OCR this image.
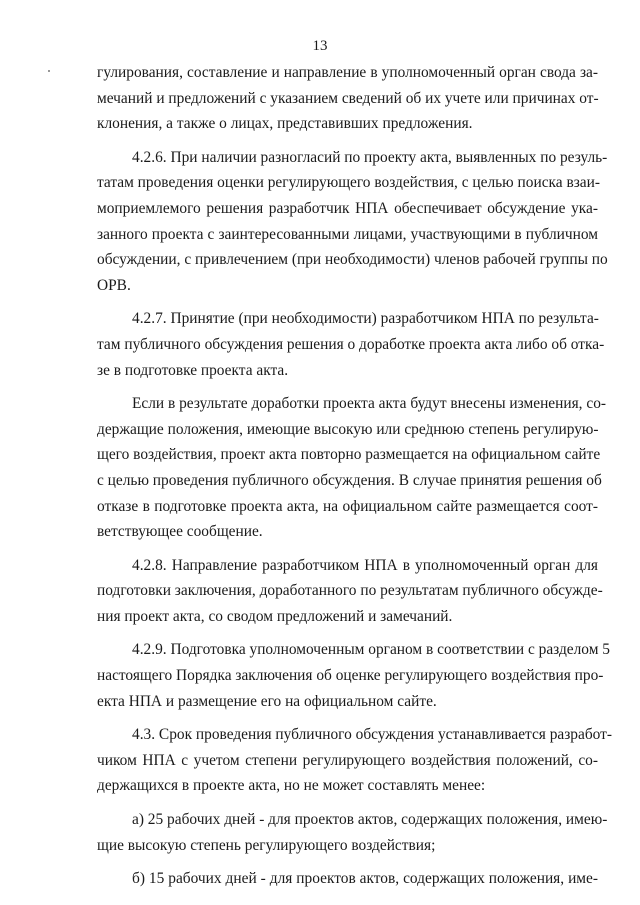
13

гулирования, составление и направление в уполномоченный орган свода за-
мечаний и предложений с указанием сведений об их учете или причинах от-
клонения, а также о лицах, представивших предложения.

4.2.6. При наличии разногласий по проекту акта, выявленных по резуль-
татам проведения оценки регулирующего воздействия, с целью поиска взаи-
моприемлемого решения разработчик НПА обеспечивает обсуждение ука-
занного проекта с заинтересованными лицами, участвующими в публичном
обсуждении, с привлечением (при необходимости) членов рабочей группы по
ОРВ.

4.2.7. Принятие (при необходимости) разработчиком НПА по результа-
там публичного обсуждения решения о доработке проекта акта либо об отка-
зе в подготовке проекта акта.

Если в результате доработки проекта акта будут внесены изменения, со-
держащие положения, имеющие высокую или среднюю степень регулирую-
щего воздействия, проект акта повторно размещается на официальном сайте
с целью проведения публичного обсуждения. В случае принятия решения об
отказе в подготовке проекта акта, на официальном сайте размещается соот-
ветствующее сообщение.

4.2.8. Направление разработчиком НПА в уполномоченный орган для
подготовки заключения, доработанного по результатам публичного обсужде-
ния проект акта, со сводом предложений и замечаний.

4.2.9. Подготовка уполномоченным органом в соответствии с разделом 5
настоящего Порядка заключения об оценке регулирующего воздействия про-
екта НПА и размещение его на официальном сайте.

4.3. Срок проведения публичного обсуждения устанавливается разработ-
чиком НПА с учетом степени регулирующего воздействия положений, со-
держащихся в проекте акта, но не может составлять менее:

а) 25 рабочих дней - для проектов актов, содержащих положения, имею-
щие высокую степень регулирующего воздействия;

б) 15 рабочих дней - для проектов актов, содержащих положения, име-
